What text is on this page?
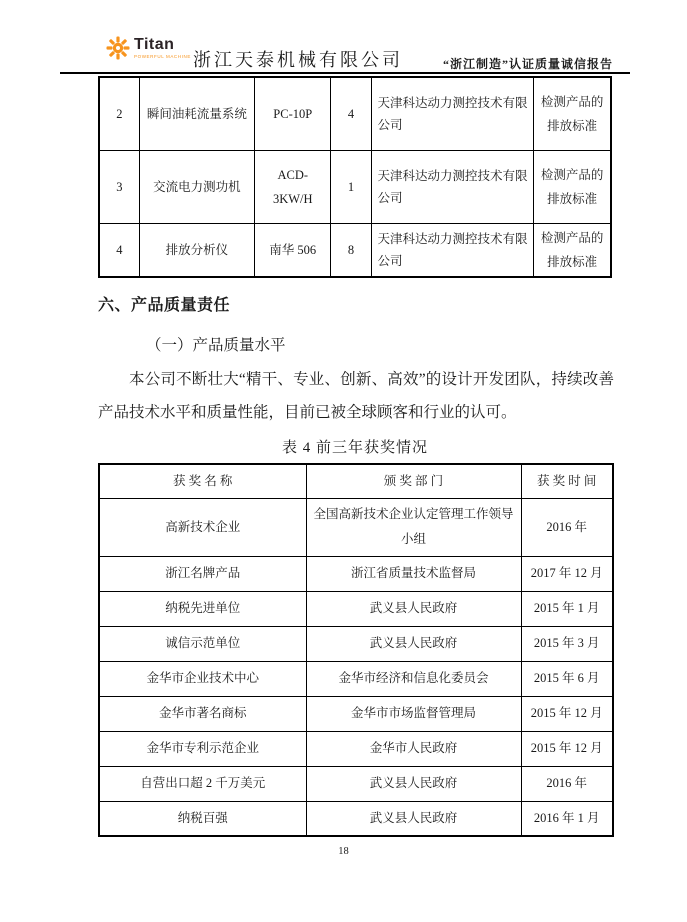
Titan
POWERFUL MACHINE 浙江天泰机械有限公司	“浙江制造”认证质量诚信报告
2	瞬间油耗流量系统	PC-10P	4	天津科达动力测控技术有限公司	检测产品的排放标准
3	交流电力测功机	ACD-3KW/H	1	天津科达动力测控技术有限公司	检测产品的排放标准
4	排放分析仪	南华 506	8	天津科达动力测控技术有限公司	检测产品的排放标准
六、产品质量责任
（一）产品质量水平
本公司不断壮大“精干、专业、创新、高效”的设计开发团队，持续改善产品技术水平和质量性能，目前已被全球顾客和行业的认可。
表 4 前三年获奖情况
获 奖 名 称	颁 奖 部 门	获 奖 时 间
高新技术企业	全国高新技术企业认定管理工作领导小组	2016 年
浙江名牌产品	浙江省质量技术监督局	2017 年 12 月
纳税先进单位	武义县人民政府	2015 年 1 月
诚信示范单位	武义县人民政府	2015 年 3 月
金华市企业技术中心	金华市经济和信息化委员会	2015 年 6 月
金华市著名商标	金华市市场监督管理局	2015 年 12 月
金华市专利示范企业	金华市人民政府	2015 年 12 月
自营出口超 2 千万美元	武义县人民政府	2016 年
纳税百强	武义县人民政府	2016 年 1 月
18
